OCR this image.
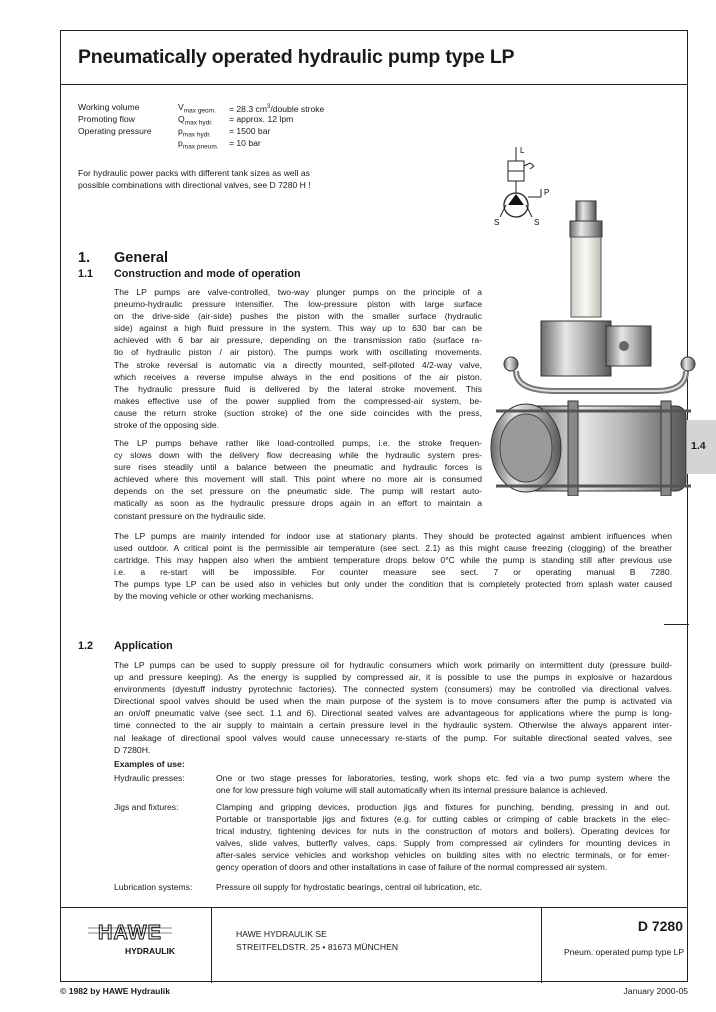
Pneumatically operated hydraulic pump type LP
Working volume	$V_{max geom.} = 28.3$ $cm^3$/double stroke
Promoting flow	$Q_{max hydr.}$ = approx. 12 lpm
Operating pressure	$p_{max hydr.} = 1500$ bar
$p_{max pneum.} = 10$ bar
For hydraulic power packs with different tank sizes as well as
possible combinations with directional valves, see D 7280 H !
L
P
S	S
1. General
1.1 Construction and mode of operation
The LP pumps are valve-controlled, two-way plunger pumps on the principle of a
pneumo-hydraulic pressure intensifier. The low-pressure piston with large surface
on the drive-side (air-side) pushes the piston with the smaller surface (hydraulic
side) against a high fluid pressure in the system. This way up to 630 bar can be
achieved with 6 bar air pressure, depending on the transmission ratio (surface ra-
tio of hydraulic piston / air piston). The pumps work with oscillating movements.
The stroke reversal is automatic via a directly mounted, self-piloted 4/2-way valve,
which receives a reverse impulse always in the end positions of the air piston.
The hydraulic pressure fluid is delivered by the lateral stroke movement. This
makes effective use of the power supplied from the compressed-air system, be-
cause the return stroke (suction stroke) of the one side coincides with the press,
stroke of the opposing side.
The LP pumps behave rather like load-controlled pumps, i.e. the stroke frequen-
cy slows down with the delivery flow decreasing while the hydraulic system pres-
sure rises steadily until a balance between the pneumatic and hydraulic forces is
achieved where this movement will stall. This point where no more air is consumed
depends on the set pressure on the pneumatic side. The pump will restart auto-
matically as soon as the hydraulic pressure drops again in an effort to maintain a
constant pressure on the hydraulic side.
The LP pumps are mainly intended for indoor use at stationary plants. They should be protected against ambient influences when
used outdoor. A critical point is the permissible air temperature (see sect. 2.1) as this might cause freezing (clogging) of the breather
cartridge. This may happen also when the ambient temperature drops below 0°C while the pump is standing still after previous use
i.e. a re-start will be impossible. For counter measure see sect. 7 or operating manual B 7280.
The pumps type LP can be used also in vehicles but only under the condition that is completely protected from splash water caused
by the moving vehicle or other working mechanisms.
1.2 Application
The LP pumps can be used to supply pressure oil for hydraulic consumers which work primarily on intermittent duty (pressure build-
up and pressure keeping). As the energy is supplied by compressed air, it is possible to use the pumps in explosive or hazardous
environments (dyestuff industry pyrotechnic factories). The connected system (consumers) may be controlled via directional valves.
Directional spool valves should be used when the main purpose of the system is to move consumers after the pump is activated via
an on/off pneumatic valve (see sect. 1.1 and 6). Directional seated valves are advantageous for applications where the pump is long-
time connected to the air supply to maintain a certain pressure level in the hydraulic system. Otherwise the always apparent inter-
nal leakage of directional spool valves would cause unnecessary re-starts of the pump. For suitable directional seated valves, see
D 7280H.
Examples of use:
Hydraulic presses:	One or two stage presses for laboratories, testing, work shops etc. fed via a two pump system where the
one for low pressure high volume will stall automatically when its internal pressure balance is achieved.
Jigs and fixtures:	Clamping and gripping devices, production jigs and fixtures for punching, bending, pressing in and out.
Portable or transportable jigs and fixtures (e.g. for cutting cables or crimping of cable brackets in the elec-
trical industry, tightening devices for nuts in the construction of motors and boilers). Operating devices for
valves, slide valves, butterfly valves, caps. Supply from compressed air cylinders for mounting devices in
after-sales service vehicles and workshop vehicles on building sites with no electric terminals, or for emer-
gency operation of doors and other installations in case of failure of the normal compressed air system.
Lubrication systems:	Pressure oil supply for hydrostatic bearings, central oil lubrication, etc.
HAWE
HYDRAULIK
HAWE HYDRAULIK SE
STREITFELDSTR. 25 • 81673 MÜNCHEN
D 7280
Pneum. operated pump type LP
1.4
© 1982 by HAWE Hydraulik	January 2000-05
